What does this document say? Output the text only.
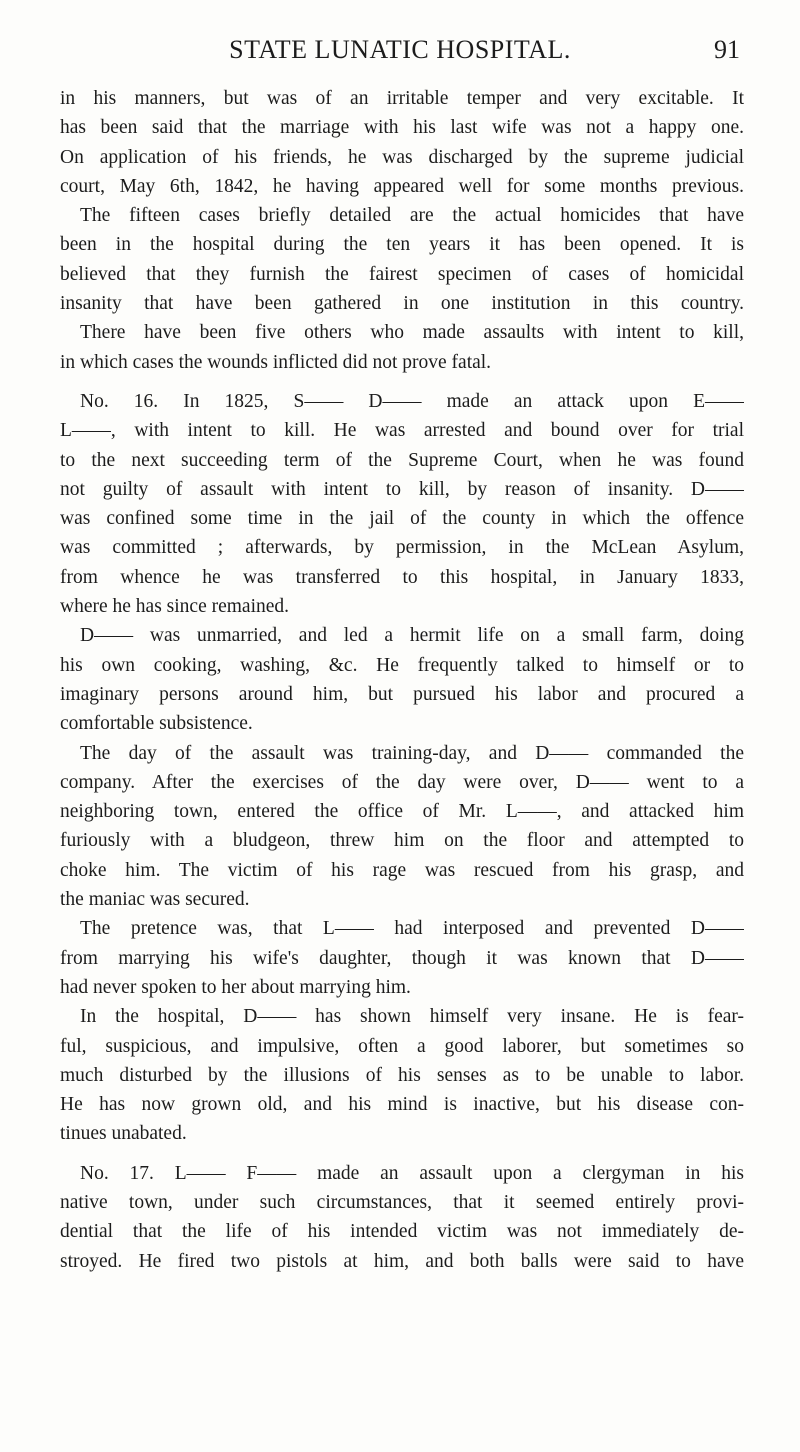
STATE LUNATIC HOSPITAL.	91
in his manners, but was of an irritable temper and very excitable. It
has been said that the marriage with his last wife was not a happy one.
On application of his friends, he was discharged by the supreme judicial
court, May 6th, 1842, he having appeared well for some months previous.
The fifteen cases briefly detailed are the actual homicides that have
been in the hospital during the ten years it has been opened. It is
believed that they furnish the fairest specimen of cases of homicidal
insanity that have been gathered in one institution in this country.
There have been five others who made assaults with intent to kill,
in which cases the wounds inflicted did not prove fatal.
No. 16. In 1825, S—— D—— made an attack upon E——
L——, with intent to kill. He was arrested and bound over for trial
to the next succeeding term of the Supreme Court, when he was found
not guilty of assault with intent to kill, by reason of insanity. D——
was confined some time in the jail of the county in which the offence
was committed ; afterwards, by permission, in the McLean Asylum,
from whence he was transferred to this hospital, in January 1833,
where he has since remained.
D—— was unmarried, and led a hermit life on a small farm, doing
his own cooking, washing, &c. He frequently talked to himself or to
imaginary persons around him, but pursued his labor and procured a
comfortable subsistence.
The day of the assault was training-day, and D—— commanded the
company. After the exercises of the day were over, D—— went to a
neighboring town, entered the office of Mr. L——, and attacked him
furiously with a bludgeon, threw him on the floor and attempted to
choke him. The victim of his rage was rescued from his grasp, and
the maniac was secured.
The pretence was, that L—— had interposed and prevented D——
from marrying his wife's daughter, though it was known that D——
had never spoken to her about marrying him.
In the hospital, D—— has shown himself very insane. He is fear-
ful, suspicious, and impulsive, often a good laborer, but sometimes so
much disturbed by the illusions of his senses as to be unable to labor.
He has now grown old, and his mind is inactive, but his disease con-
tinues unabated.
No. 17. L—— F—— made an assault upon a clergyman in his
native town, under such circumstances, that it seemed entirely provi-
dential that the life of his intended victim was not immediately de-
stroyed. He fired two pistols at him, and both balls were said to have
